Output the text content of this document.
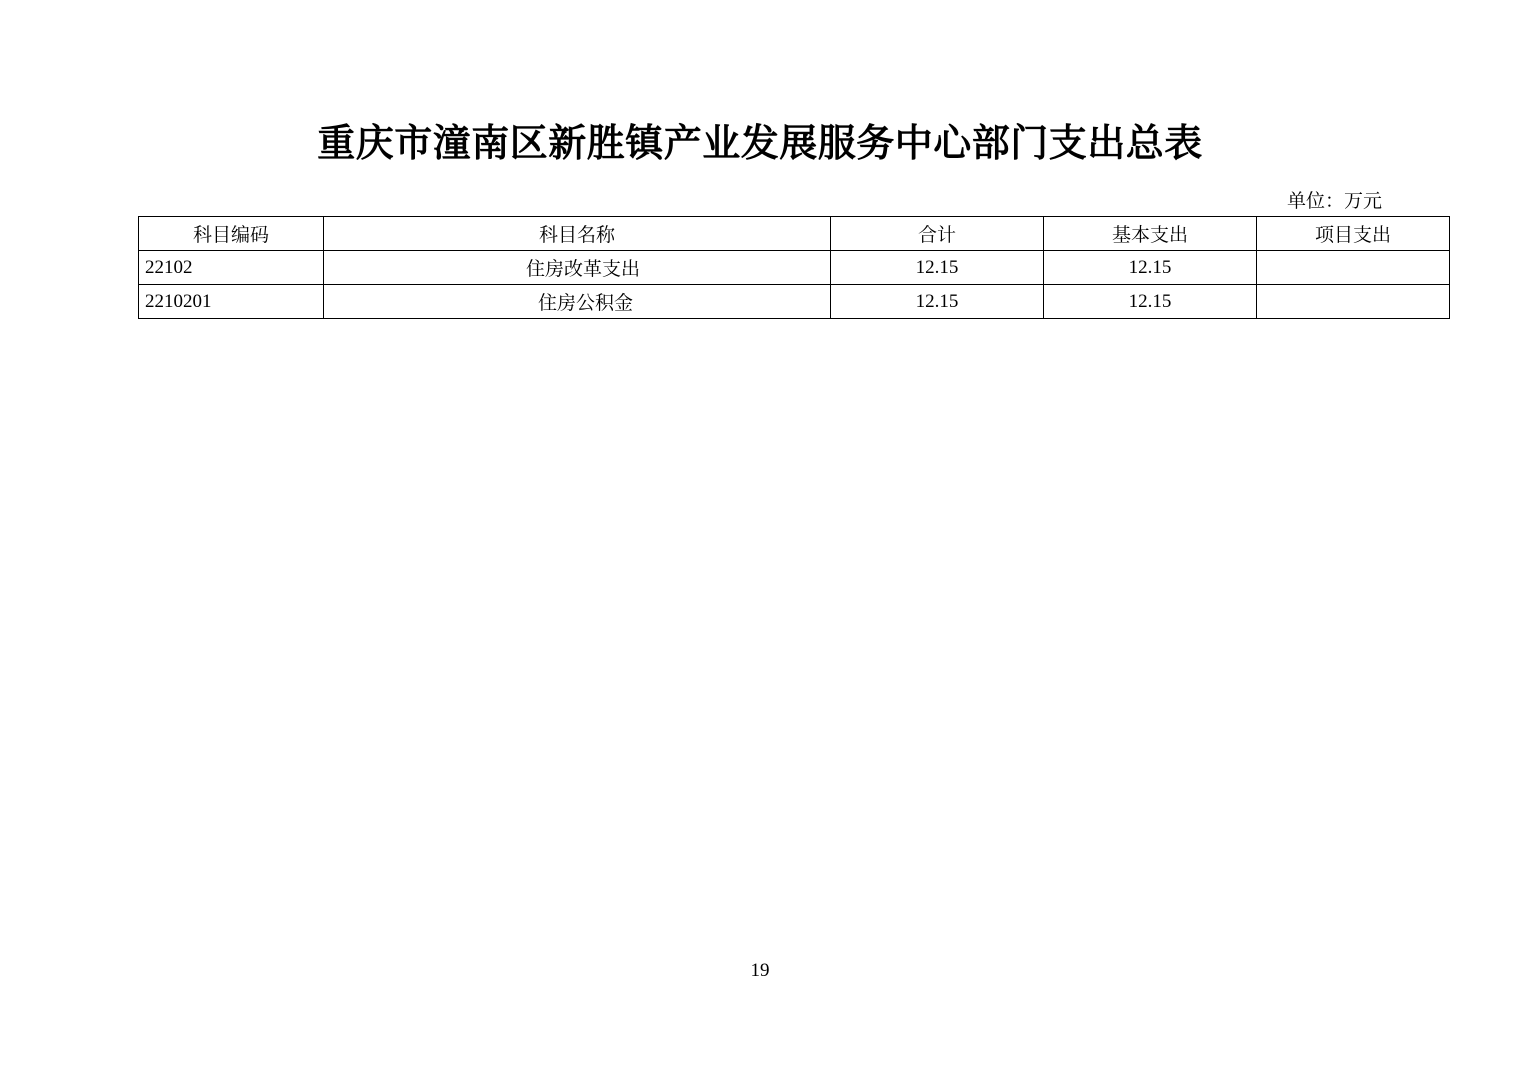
重庆市潼南区新胜镇产业发展服务中心部门支出总表
单位：万元
科目编码	科目名称	合计	基本支出	项目支出
22102	住房改革支出	12.15	12.15	
2210201	住房公积金	12.15	12.15	
19
